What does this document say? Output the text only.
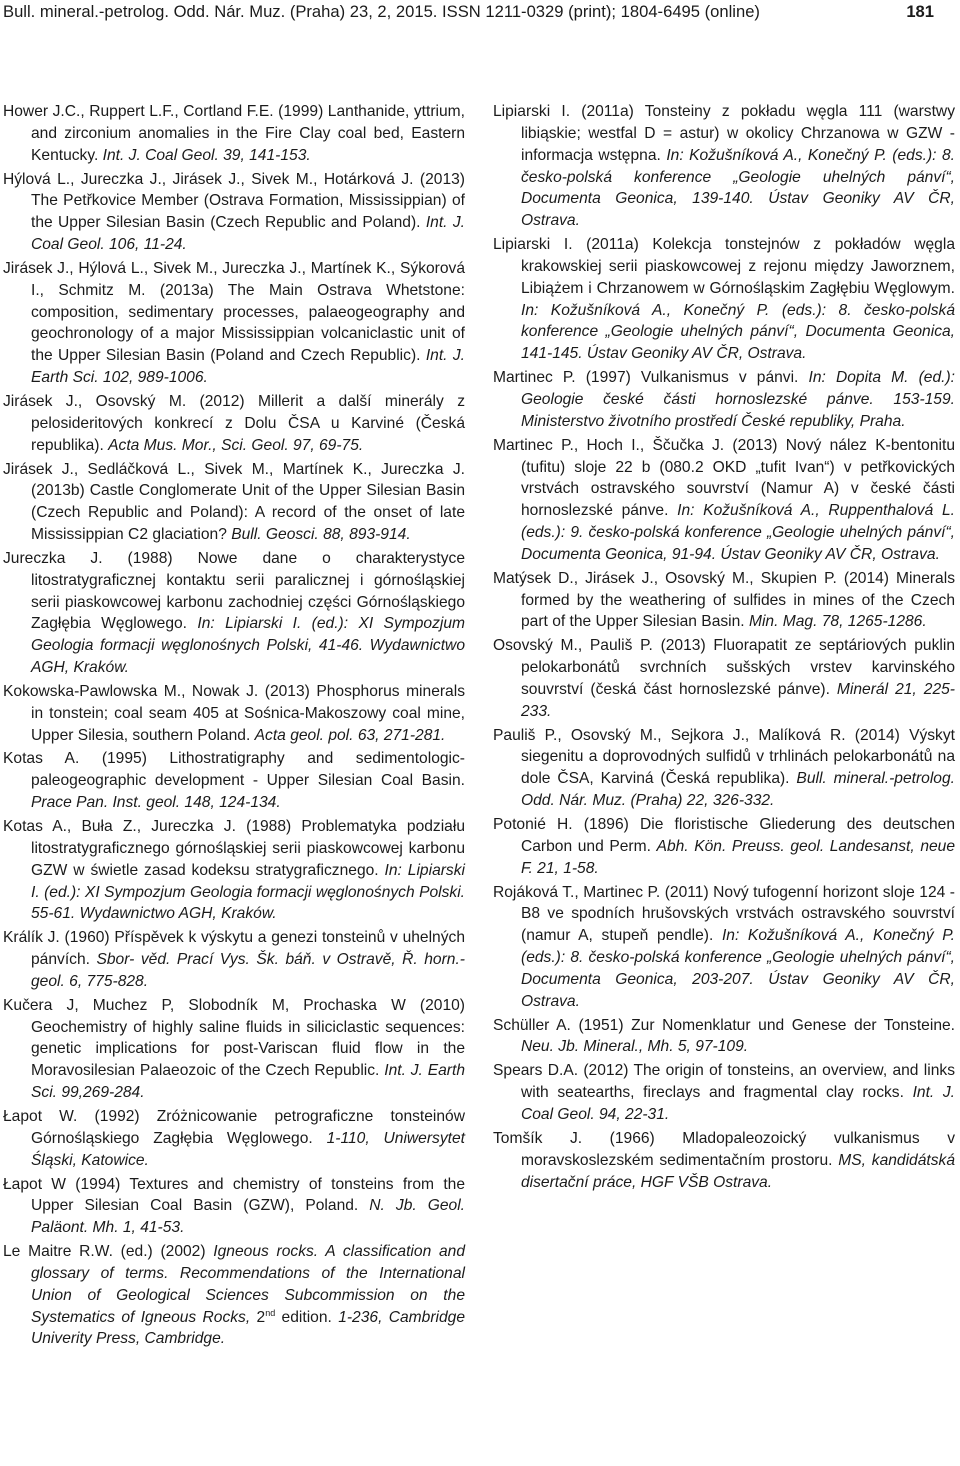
Bull. mineral.-petrolog. Odd. Nár. Muz. (Praha) 23, 2, 2015. ISSN 1211-0329 (print); 1804-6495 (online)	181

Hower J.C., Ruppert L.F., Cortland F.E. (1999) Lanthanide, yttrium, and zirconium anomalies in the Fire Clay coal bed, Eastern Kentucky. Int. J. Coal Geol. 39, 141-153.

Hýlová L., Jureczka J., Jirásek J., Sivek M., Hotárková J. (2013) The Petřkovice Member (Ostrava Formation, Mississippian) of the Upper Silesian Basin (Czech Republic and Poland). Int. J. Coal Geol. 106, 11-24.

Jirásek J., Hýlová L., Sivek M., Jureczka J., Martínek K., Sýkorová I., Schmitz M. (2013a) The Main Ostrava Whetstone: composition, sedimentary processes, palaeogeography and geochronology of a major Mississippian volcaniclastic unit of the Upper Silesian Basin (Poland and Czech Republic). Int. J. Earth Sci. 102, 989-1006.

Jirásek J., Osovský M. (2012) Millerit a další minerály z pelosideritových konkrecí z Dolu ČSA u Karviné (Česká republika). Acta Mus. Mor., Sci. Geol. 97, 69-75.

Jirásek J., Sedláčková L., Sivek M., Martínek K., Jureczka J. (2013b) Castle Conglomerate Unit of the Upper Silesian Basin (Czech Republic and Poland): A record of the onset of late Mississippian C2 glaciation? Bull. Geosci. 88, 893-914.

Jureczka J. (1988) Nowe dane o charakterystyce litostratygraficznej kontaktu serii paralicznej i górnośląskiej serii piaskowcowej karbonu zachodniej części Górnośląskiego Zagłębia Węglowego. In: Lipiarski I. (ed.): XI Sympozjum Geologia formacji węglonośnych Polski, 41-46. Wydawnictwo AGH, Kraków.

Kokowska-Pawlowska M., Nowak J. (2013) Phosphorus minerals in tonstein; coal seam 405 at Sośnica-Makoszowy coal mine, Upper Silesia, southern Poland. Acta geol. pol. 63, 271-281.

Kotas A. (1995) Lithostratigraphy and sedimentologic-paleogeographic development - Upper Silesian Coal Basin. Prace Pan. Inst. geol. 148, 124-134.

Kotas A., Buła Z., Jureczka J. (1988) Problematyka podziału litostratygraficznego górnośląskiej serii piaskowcowej karbonu GZW w świetle zasad kodeksu stratygraficznego. In: Lipiarski I. (ed.): XI Sympozjum Geologia formacji węglonośnych Polski. 55-61. Wydawnictwo AGH, Kraków.

Králík J. (1960) Příspěvek k výskytu a genezi tonsteinů v uhelných pánvích. Sbor- věd. Prací Vys. Šk. báň. v Ostravě, Ř. horn.-geol. 6, 775-828.

Kučera J, Muchez P, Slobodník M, Prochaska W (2010) Geochemistry of highly saline fluids in siliciclastic sequences: genetic implications for post-Variscan fluid flow in the Moravosilesian Palaeozoic of the Czech Republic. Int. J. Earth Sci. 99,269-284.

Łapot W. (1992) Zróżnicowanie petrograficzne tonsteinów Górnośląskiego Zagłębia Węglowego. 1-110, Uniwersytet Śląski, Katowice.

Łapot W (1994) Textures and chemistry of tonsteins from the Upper Silesian Coal Basin (GZW), Poland. N. Jb. Geol. Paläont. Mh. 1, 41-53.

Le Maitre R.W. (ed.) (2002) Igneous rocks. A classification and glossary of terms. Recommendations of the International Union of Geological Sciences Subcommission on the Systematics of Igneous Rocks, 2nd edition. 1-236, Cambridge Univerity Press, Cambridge.

Lipiarski I. (2011a) Tonsteiny z pokładu węgla 111 (warstwy libiąskie; westfal D = astur) w okolicy Chrzanowa w GZW - informacja wstępna. In: Kožušníková A., Konečný P. (eds.): 8. česko-polská konference „Geologie uhelných pánví“, Documenta Geonica, 139-140. Ústav Geoniky AV ČR, Ostrava.

Lipiarski I. (2011a) Kolekcja tonstejnów z pokładów węgla krakowskiej serii piaskowcowej z rejonu między Jaworznem, Libiążem i Chrzanowem w Górnośląskim Zagłębiu Węglowym. In: Kožušníková A., Konečný P. (eds.): 8. česko-polská konference „Geologie uhelných pánví“, Documenta Geonica, 141-145. Ústav Geoniky AV ČR, Ostrava.

Martinec P. (1997) Vulkanismus v pánvi. In: Dopita M. (ed.): Geologie české části hornoslezské pánve. 153-159. Ministerstvo životního prostředí České republiky, Praha.

Martinec P., Hoch I., Ščučka J. (2013) Nový nález K-bentonitu (tufitu) sloje 22 b (080.2 OKD „tufit Ivan“) v petřkovických vrstvách ostravského souvrství (Namur A) v české části hornoslezské pánve. In: Kožušníková A., Ruppenthalová L. (eds.): 9. česko-polská konference „Geologie uhelných pánví“, Documenta Geonica, 91-94. Ústav Geoniky AV ČR, Ostrava.

Matýsek D., Jirásek J., Osovský M., Skupien P. (2014) Minerals formed by the weathering of sulfides in mines of the Czech part of the Upper Silesian Basin. Min. Mag. 78, 1265-1286.

Osovský M., Pauliš P. (2013) Fluorapatit ze septáriových puklin pelokarbonátů svrchních sušských vrstev karvinského souvrství (česká část hornoslezské pánve). Minerál 21, 225-233.

Pauliš P., Osovský M., Sejkora J., Malíková R. (2014) Výskyt siegenitu a doprovodných sulfidů v trhlinách pelokarbonátů na dole ČSA, Karviná (Česká republika). Bull. mineral.-petrolog. Odd. Nár. Muz. (Praha) 22, 326-332.

Potonié H. (1896) Die floristische Gliederung des deutschen Carbon und Perm. Abh. Kön. Preuss. geol. Landesanst, neue F. 21, 1-58.

Rojáková T., Martinec P. (2011) Nový tufogenní horizont sloje 124 - B8 ve spodních hrušovských vrstvách ostravského souvrství (namur A, stupeň pendle). In: Kožušníková A., Konečný P. (eds.): 8. česko-polská konference „Geologie uhelných pánví“, Documenta Geonica, 203-207. Ústav Geoniky AV ČR, Ostrava.

Schüller A. (1951) Zur Nomenklatur und Genese der Tonsteine. Neu. Jb. Mineral., Mh. 5, 97-109.

Spears D.A. (2012) The origin of tonsteins, an overview, and links with seatearths, fireclays and fragmental clay rocks. Int. J. Coal Geol. 94, 22-31.

Tomšík J. (1966) Mladopaleozoický vulkanismus v moravskoslezském sedimentačním prostoru. MS, kandidátská disertační práce, HGF VŠB Ostrava.
